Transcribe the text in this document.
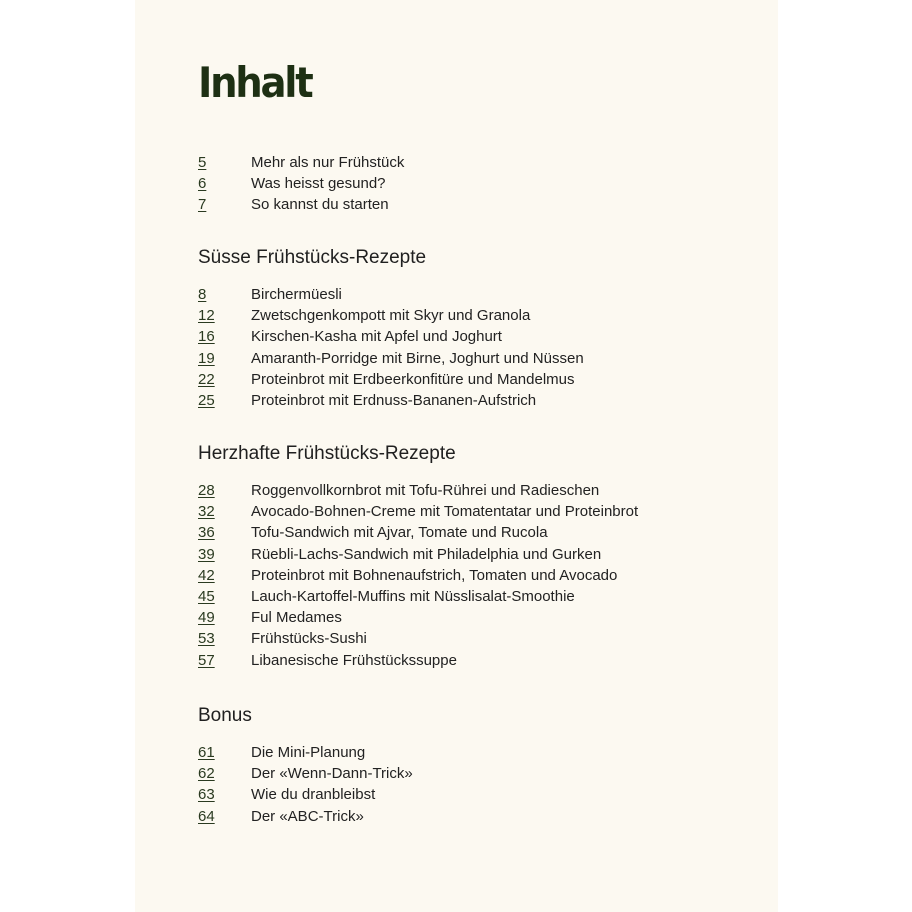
Inhalt
5	Mehr als nur Frühstück
6	Was heisst gesund?
7	So kannst du starten
Süsse Frühstücks-Rezepte
8	Birchermüesli
12	Zwetschgenkompott mit Skyr und Granola
16	Kirschen-Kasha mit Apfel und Joghurt
19	Amaranth-Porridge mit Birne, Joghurt und Nüssen
22	Proteinbrot mit Erdbeerkonfitüre und Mandelmus
25	Proteinbrot mit Erdnuss-Bananen-Aufstrich
Herzhafte Frühstücks-Rezepte
28	Roggenvollkornbrot mit Tofu-Rührei und Radieschen
32	Avocado-Bohnen-Creme mit Tomatentatar und Proteinbrot
36	Tofu-Sandwich mit Ajvar, Tomate und Rucola
39	Rüebli-Lachs-Sandwich mit Philadelphia und Gurken
42	Proteinbrot mit Bohnenaufstrich, Tomaten und Avocado
45	Lauch-Kartoffel-Muffins mit Nüsslisalat-Smoothie
49	Ful Medames
53	Frühstücks-Sushi
57	Libanesische Frühstückssuppe
Bonus
61	Die Mini-Planung
62	Der «Wenn-Dann-Trick»
63	Wie du dranbleibst
64	Der «ABC-Trick»
